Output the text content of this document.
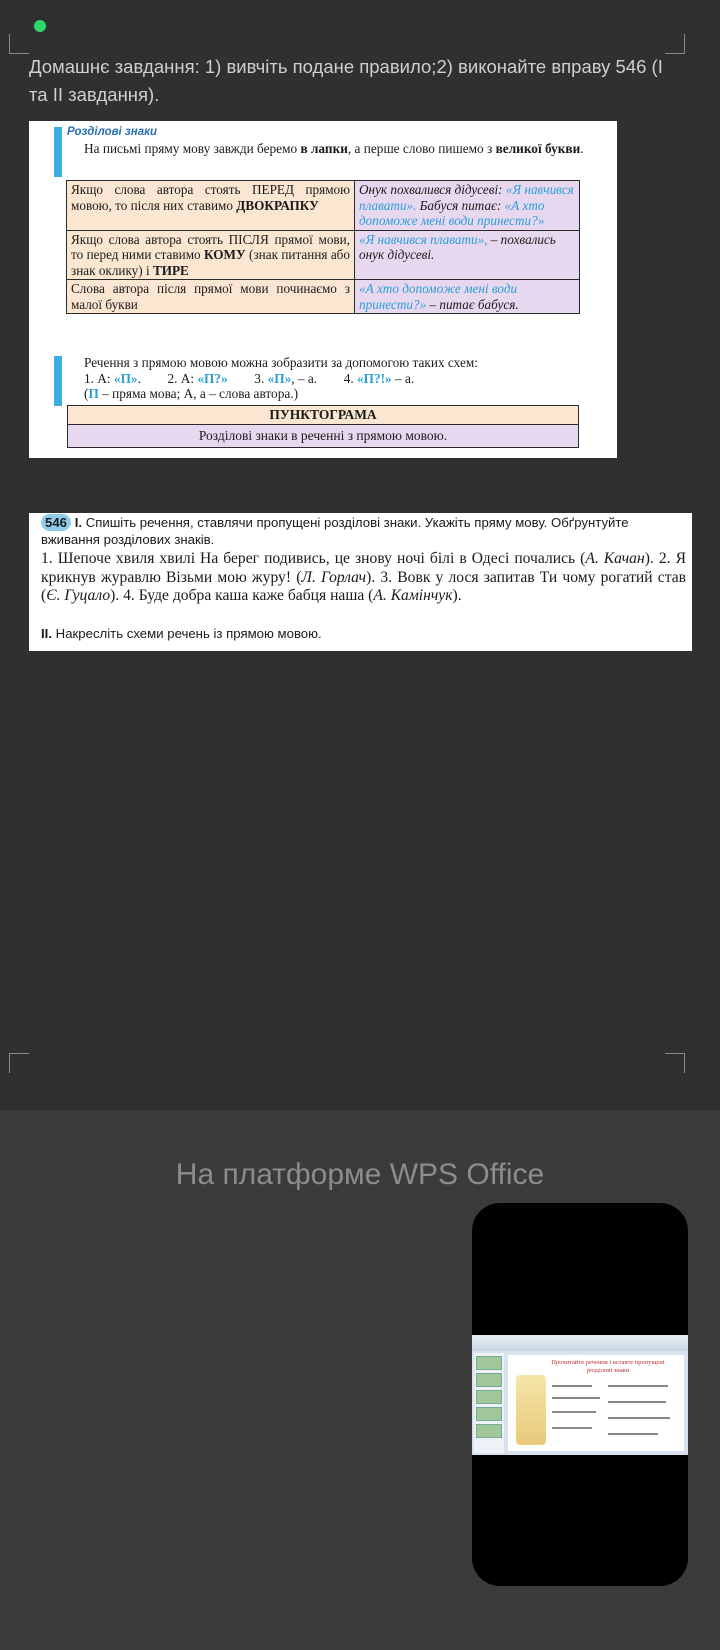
Домашнє завдання: 1) вивчіть подане правило;2) виконайте вправу 546 (І та ІІ завдання).
Розділові знаки
На письмі пряму мову завжди беремо в лапки, а перше слово пишемо з великої букви.
Якщо слова автора стоять ПЕРЕД прямою мовою, то після них ставимо ДВОКРАПКУ	Онук похвалився дідусеві: «Я навчився плавати». Бабуся питає: «А хто допоможе мені води принести?»
Якщо слова автора стоять ПІСЛЯ прямої мови, то перед ними ставимо КОМУ (знак питання або знак оклику) і ТИРЕ	«Я навчився плавати», – похвались онук дідусеві.
Слова автора після прямої мови починаємо з малої букви	«А хто допоможе мені води принести?» – питає бабуся.
Речення з прямою мовою можна зобразити за допомогою таких схем:
1. А: «П». 2. А: «П?» 3. «П», – а. 4. «П?!» – а.
(П – пряма мова; А, а – слова автора.)
ПУНКТОГРАМА
Розділові знаки в реченні з прямою мовою.
546 І. Спишіть речення, ставлячи пропущені розділові знаки. Укажіть пряму мову. Обґрунтуйте вживання розділових знаків.
1. Шепоче хвиля хвилі На берег подивись, це знову ночі білі в Одесі почались (А. Качан). 2. Я крикнув журавлю Візьми мою журу! (Л. Горлач). 3. Вовк у лося запитав Ти чому рогатий став (Є. Гуцало). 4. Буде добра каша каже бабця наша (А. Камінчук).
ІІ. Накресліть схеми речень із прямою мовою.
На платформе WPS Office
Прочитайте речення і вставте пропущені розділові знаки
